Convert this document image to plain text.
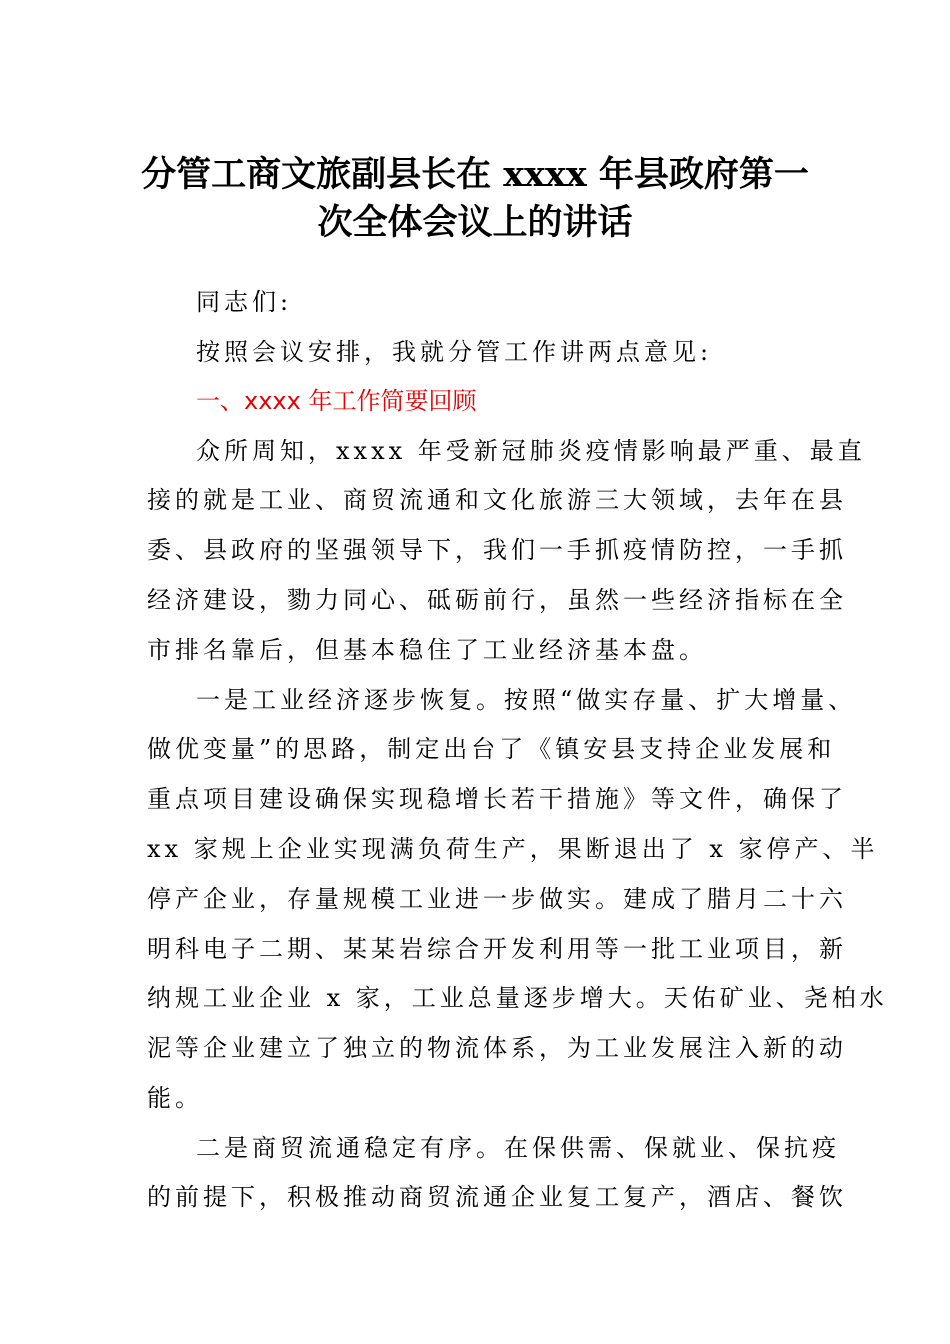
分管工商文旅副县长在 xxxx 年县政府第一
次全体会议上的讲话
同志们:
按照会议安排，我就分管工作讲两点意见:
一、xxxx 年工作简要回顾
众所周知，xxxx 年受新冠肺炎疫情影响最严重、最直
接的就是工业、商贸流通和文化旅游三大领域，去年在县
委、县政府的坚强领导下，我们一手抓疫情防控，一手抓
经济建设，勠力同心、砥砺前行，虽然一些经济指标在全
市排名靠后，但基本稳住了工业经济基本盘。
一是工业经济逐步恢复。按照“做实存量、扩大增量、
做优变量”的思路，制定出台了《镇安县支持企业发展和
重点项目建设确保实现稳增长若干措施》等文件，确保了
xx 家规上企业实现满负荷生产，果断退出了 x 家停产、半
停产企业，存量规模工业进一步做实。建成了腊月二十六
明科电子二期、某某岩综合开发利用等一批工业项目，新
纳规工业企业 x 家，工业总量逐步增大。天佑矿业、尧柏水
泥等企业建立了独立的物流体系，为工业发展注入新的动
能。
二是商贸流通稳定有序。在保供需、保就业、保抗疫
的前提下，积极推动商贸流通企业复工复产，酒店、餐饮
